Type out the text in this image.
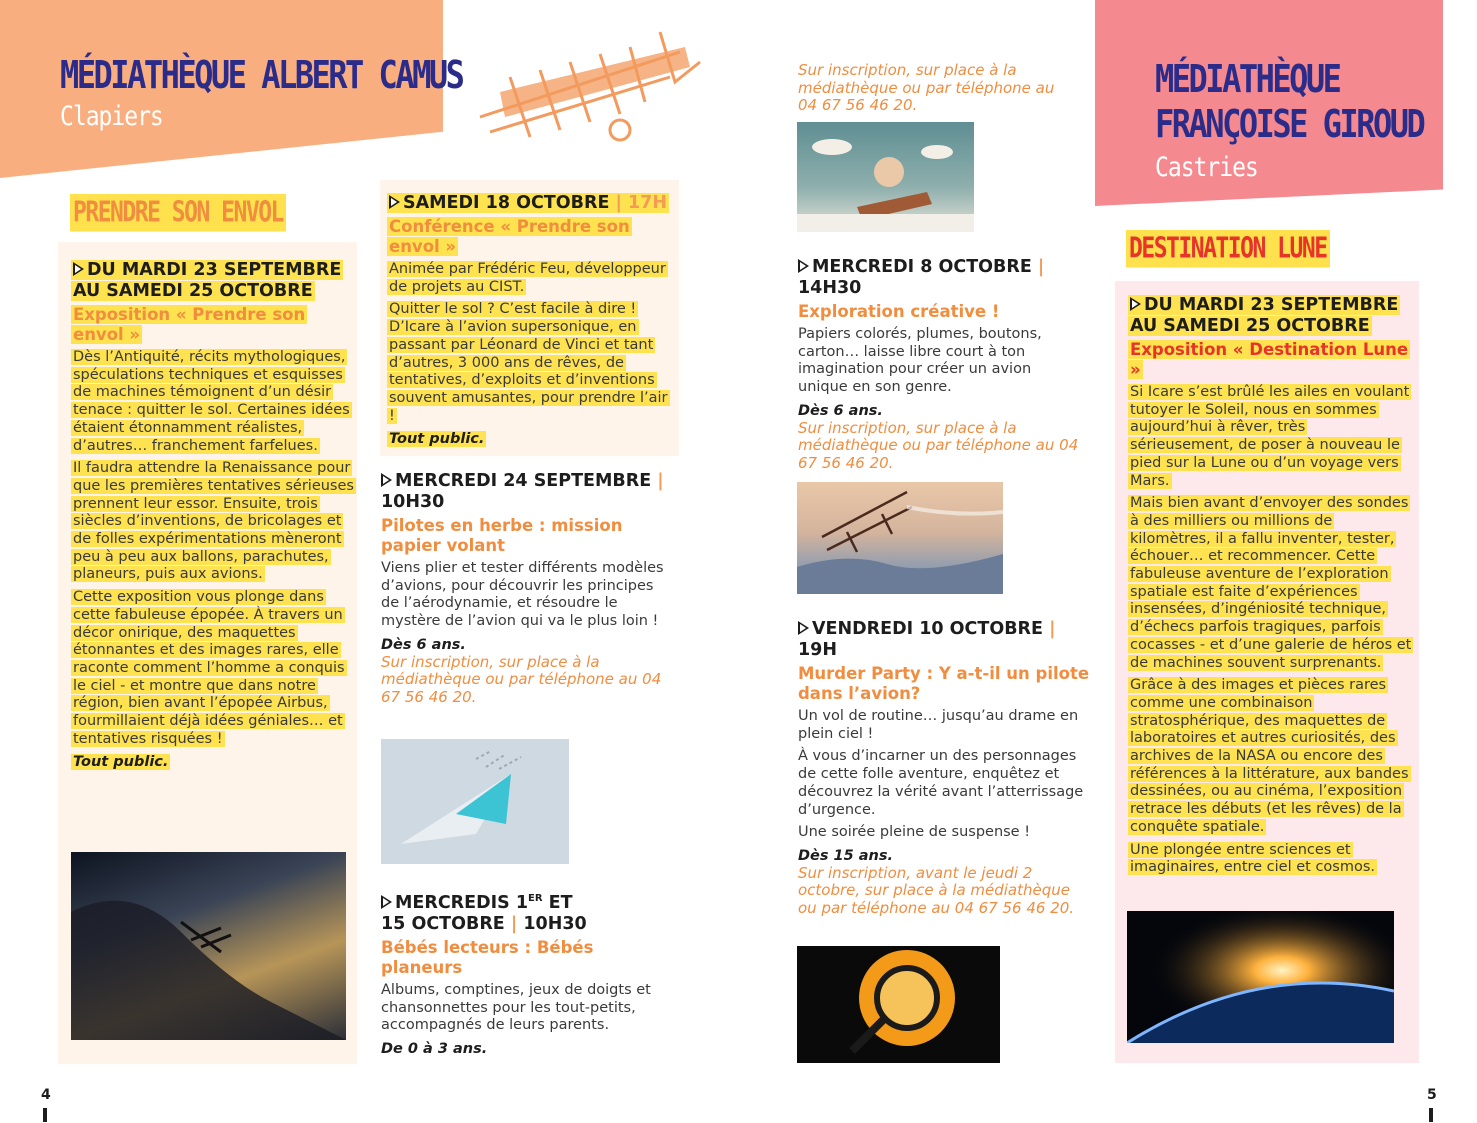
MÉDIATHÈQUE ALBERT CAMUS
Clapiers
MÉDIATHÈQUE
FRANÇOISE GIROUD
Castries
PRENDRE SON ENVOL
DESTINATION LUNE
DU MARDI 23 SEPTEMBRE
AU SAMEDI 25 OCTOBRE
Exposition « Prendre son envol »

Dès l’Antiquité, récits mythologiques, spéculations techniques et esquisses de machines témoignent d’un désir tenace : quitter le sol. Certaines idées étaient étonnamment réalistes, d’autres… franchement farfelues.

Il faudra attendre la Renaissance pour que les premières tentatives sérieuses prennent leur essor. Ensuite, trois siècles d’inventions, de bricolages et de folles expérimentations mèneront peu à peu aux ballons, parachutes, planeurs, puis aux avions.

Cette exposition vous plonge dans cette fabuleuse épopée. À travers un décor onirique, des maquettes étonnantes et des images rares, elle raconte comment l’homme a conquis le ciel - et montre que dans notre région, bien avant l’épopée Airbus, fourmillaient déjà idées géniales… et tentatives risquées !

Tout public.
SAMEDI 18 OCTOBRE | 17H
Conférence « Prendre son envol »

Animée par Frédéric Feu, développeur de projets au CIST.

Quitter le sol ? C’est facile à dire ! D’Icare à l’avion supersonique, en passant par Léonard de Vinci et tant d’autres, 3 000 ans de rêves, de tentatives, d’exploits et d’inventions souvent amusantes, pour prendre l’air !

Tout public.
MERCREDI 24 SEPTEMBRE |
10H30
Pilotes en herbe : mission papier volant

Viens plier et tester différents modèles d’avions, pour découvrir les principes de l’aérodynamie, et résoudre le mystère de l’avion qui va le plus loin !

Dès 6 ans.
Sur inscription, sur place à la médiathèque ou par téléphone au 04 67 56 46 20.
MERCREDIS 1ER ET
15 OCTOBRE | 10H30
Bébés lecteurs : Bébés planeurs

Albums, comptines, jeux de doigts et chansonnettes pour les tout-petits, accompagnés de leurs parents.

De 0 à 3 ans.
Sur inscription, sur place à la médiathèque ou par téléphone au 04 67 56 46 20.
MERCREDI 8 OCTOBRE |
14H30
Exploration créative !

Papiers colorés, plumes, boutons, carton… laisse libre court à ton imagination pour créer un avion unique en son genre.

Dès 6 ans.
Sur inscription, sur place à la médiathèque ou par téléphone au 04 67 56 46 20.
VENDREDI 10 OCTOBRE |
19H
Murder Party : Y a-t-il un pilote dans l’avion?

Un vol de routine… jusqu’au drame en plein ciel !

À vous d’incarner un des personnages de cette folle aventure, enquêtez et découvrez la vérité avant l’atterrissage d’urgence.

Une soirée pleine de suspense !

Dès 15 ans.
Sur inscription, avant le jeudi 2 octobre, sur place à la médiathèque ou par téléphone au 04 67 56 46 20.
DU MARDI 23 SEPTEMBRE
AU SAMEDI 25 OCTOBRE
Exposition « Destination Lune »

Si Icare s’est brûlé les ailes en voulant tutoyer le Soleil, nous en sommes aujourd’hui à rêver, très sérieusement, de poser à nouveau le pied sur la Lune ou d’un voyage vers Mars.

Mais bien avant d’envoyer des sondes à des milliers ou millions de kilomètres, il a fallu inventer, tester, échouer… et recommencer. Cette fabuleuse aventure de l’exploration spatiale est faite d’expériences insensées, d’ingéniosité technique, d’échecs parfois tragiques, parfois cocasses - et d’une galerie de héros et de machines souvent surprenants.

Grâce à des images et pièces rares comme une combinaison stratosphérique, des maquettes de laboratoires et autres curiosités, des archives de la NASA ou encore des références à la littérature, aux bandes dessinées, ou au cinéma, l’exposition retrace les débuts (et les rêves) de la conquête spatiale.

Une plongée entre sciences et imaginaires, entre ciel et cosmos.

4	5
